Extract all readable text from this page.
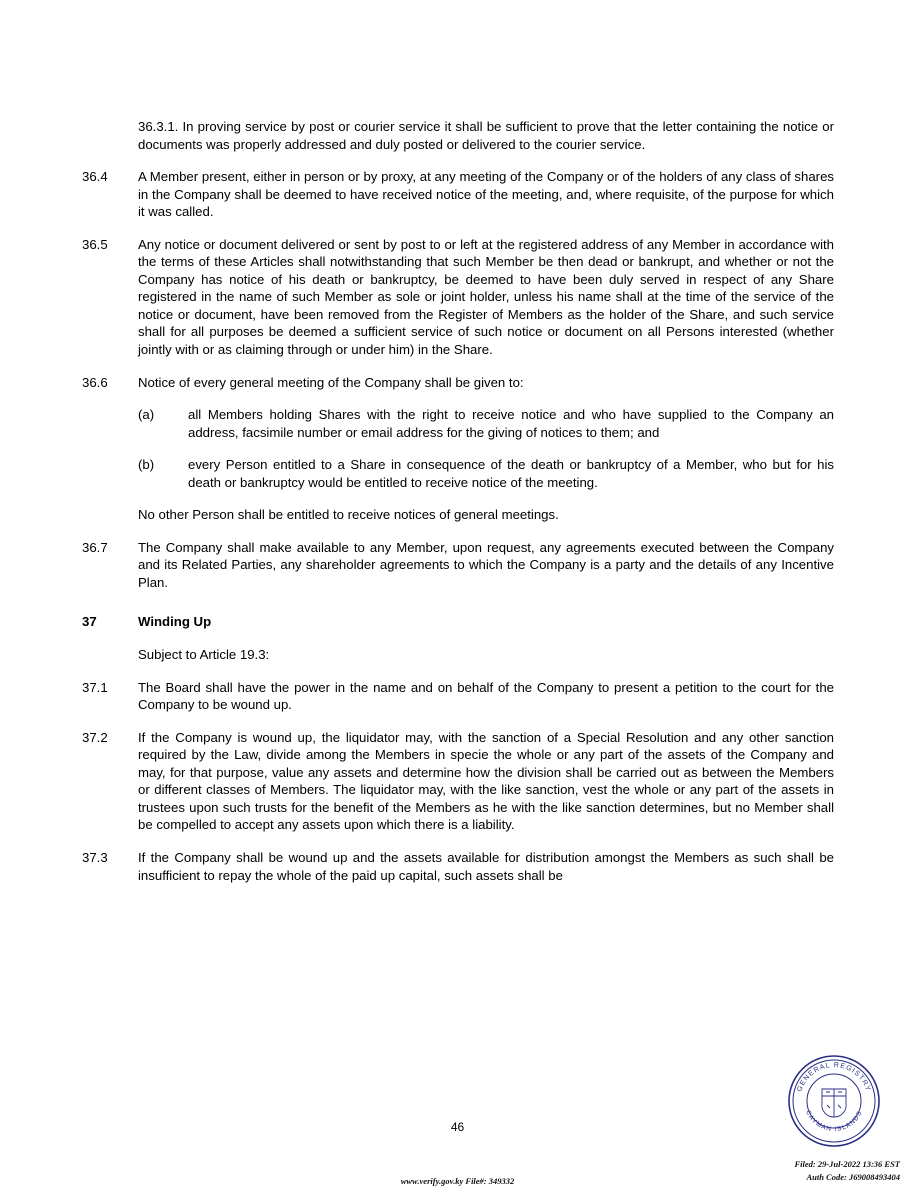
36.3.1. In proving service by post or courier service it shall be sufficient to prove that the letter containing the notice or documents was properly addressed and duly posted or delivered to the courier service.
36.4	A Member present, either in person or by proxy, at any meeting of the Company or of the holders of any class of shares in the Company shall be deemed to have received notice of the meeting, and, where requisite, of the purpose for which it was called.
36.5	Any notice or document delivered or sent by post to or left at the registered address of any Member in accordance with the terms of these Articles shall notwithstanding that such Member be then dead or bankrupt, and whether or not the Company has notice of his death or bankruptcy, be deemed to have been duly served in respect of any Share registered in the name of such Member as sole or joint holder, unless his name shall at the time of the service of the notice or document, have been removed from the Register of Members as the holder of the Share, and such service shall for all purposes be deemed a sufficient service of such notice or document on all Persons interested (whether jointly with or as claiming through or under him) in the Share.
36.6	Notice of every general meeting of the Company shall be given to:
(a)	all Members holding Shares with the right to receive notice and who have supplied to the Company an address, facsimile number or email address for the giving of notices to them; and
(b)	every Person entitled to a Share in consequence of the death or bankruptcy of a Member, who but for his death or bankruptcy would be entitled to receive notice of the meeting.
No other Person shall be entitled to receive notices of general meetings.
36.7	The Company shall make available to any Member, upon request, any agreements executed between the Company and its Related Parties, any shareholder agreements to which the Company is a party and the details of any Incentive Plan.
37	Winding Up
Subject to Article 19.3:
37.1	The Board shall have the power in the name and on behalf of the Company to present a petition to the court for the Company to be wound up.
37.2	If the Company is wound up, the liquidator may, with the sanction of a Special Resolution and any other sanction required by the Law, divide among the Members in specie the whole or any part of the assets of the Company and may, for that purpose, value any assets and determine how the division shall be carried out as between the Members or different classes of Members. The liquidator may, with the like sanction, vest the whole or any part of the assets in trustees upon such trusts for the benefit of the Members as he with the like sanction determines, but no Member shall be compelled to accept any assets upon which there is a liability.
37.3	If the Company shall be wound up and the assets available for distribution amongst the Members as such shall be insufficient to repay the whole of the paid up capital, such assets shall be
46
GENERAL REGISTRY
CAYMAN ISLANDS
www.verify.gov.ky File#: 349332
Filed: 29-Jul-2022 13:36 EST
Auth Code: J69008493404
